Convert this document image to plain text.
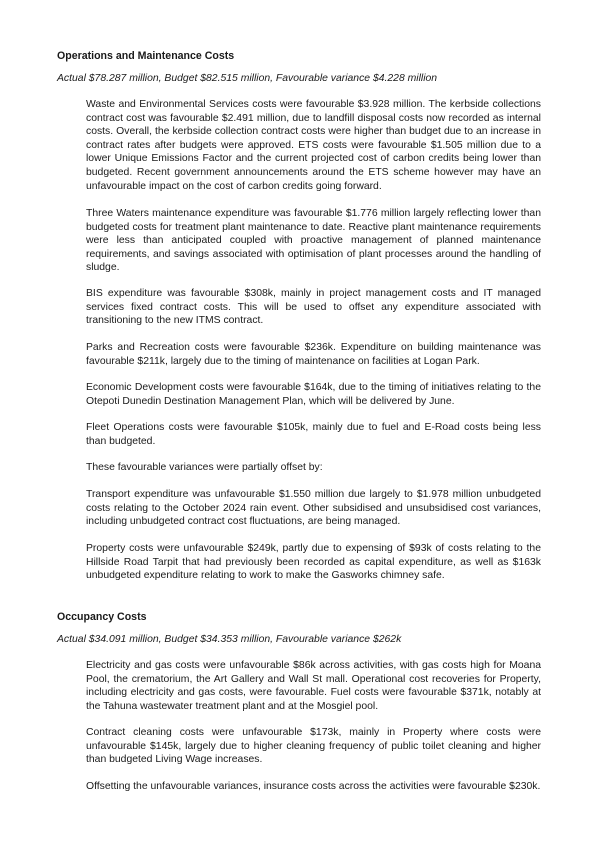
Operations and Maintenance Costs
Actual $78.287 million, Budget $82.515 million, Favourable variance $4.228 million

Waste and Environmental Services costs were favourable $3.928 million. The kerbside collections contract cost was favourable $2.491 million, due to landfill disposal costs now recorded as internal costs. Overall, the kerbside collection contract costs were higher than budget due to an increase in contract rates after budgets were approved. ETS costs were favourable $1.505 million due to a lower Unique Emissions Factor and the current projected cost of carbon credits being lower than budgeted. Recent government announcements around the ETS scheme however may have an unfavourable impact on the cost of carbon credits going forward.

Three Waters maintenance expenditure was favourable $1.776 million largely reflecting lower than budgeted costs for treatment plant maintenance to date. Reactive plant maintenance requirements were less than anticipated coupled with proactive management of planned maintenance requirements, and savings associated with optimisation of plant processes around the handling of sludge.

BIS expenditure was favourable $308k, mainly in project management costs and IT managed services fixed contract costs. This will be used to offset any expenditure associated with transitioning to the new ITMS contract.

Parks and Recreation costs were favourable $236k. Expenditure on building maintenance was favourable $211k, largely due to the timing of maintenance on facilities at Logan Park.

Economic Development costs were favourable $164k, due to the timing of initiatives relating to the Otepoti Dunedin Destination Management Plan, which will be delivered by June.

Fleet Operations costs were favourable $105k, mainly due to fuel and E-Road costs being less than budgeted.

These favourable variances were partially offset by:

Transport expenditure was unfavourable $1.550 million due largely to $1.978 million unbudgeted costs relating to the October 2024 rain event. Other subsidised and unsubsidised cost variances, including unbudgeted contract cost fluctuations, are being managed.

Property costs were unfavourable $249k, partly due to expensing of $93k of costs relating to the Hillside Road Tarpit that had previously been recorded as capital expenditure, as well as $163k unbudgeted expenditure relating to work to make the Gasworks chimney safe.

Occupancy Costs
Actual $34.091 million, Budget $34.353 million, Favourable variance $262k

Electricity and gas costs were unfavourable $86k across activities, with gas costs high for Moana Pool, the crematorium, the Art Gallery and Wall St mall. Operational cost recoveries for Property, including electricity and gas costs, were favourable. Fuel costs were favourable $371k, notably at the Tahuna wastewater treatment plant and at the Mosgiel pool.

Contract cleaning costs were unfavourable $173k, mainly in Property where costs were unfavourable $145k, largely due to higher cleaning frequency of public toilet cleaning and higher than budgeted Living Wage increases.

Offsetting the unfavourable variances, insurance costs across the activities were favourable $230k.
